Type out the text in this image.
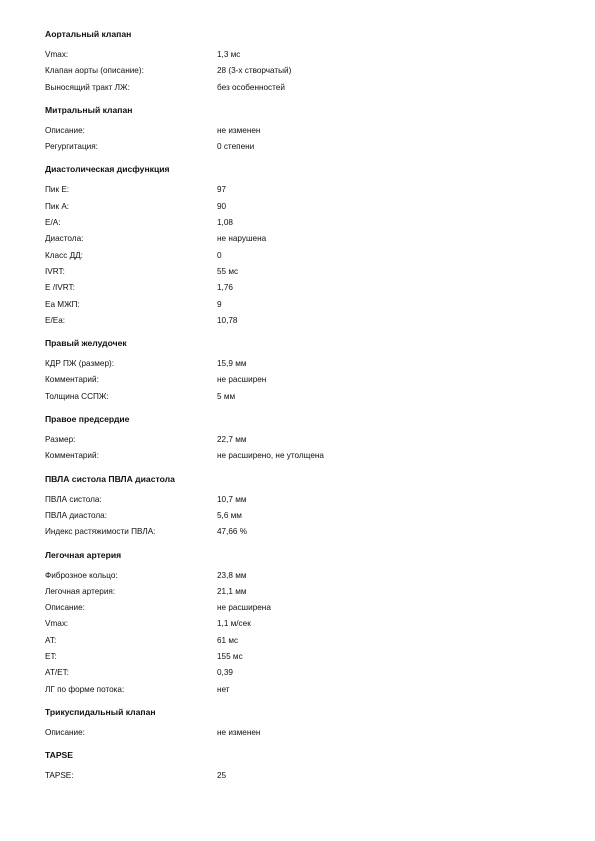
Аортальный клапан
Vmax:	1,3 мс
Клапан аорты (описание):	28 (3-х створчатый)
Выносящий тракт ЛЖ:	без особенностей
Митральный клапан
Описание:	не изменен
Регургитация:	0 степени
Диастолическая дисфункция
Пик Е:	97
Пик А:	90
Е/А:	1,08
Диастола:	не нарушена
Класс ДД:	0
IVRT:	55 мс
E /IVRT:	1,76
Ea МЖП:	9
E/Ea:	10,78
Правый желудочек
КДР ПЖ (размер):	15,9 мм
Комментарий:	не расширен
Толщина ССПЖ:	5 мм
Правое предсердие
Размер:	22,7 мм
Комментарий:	не расширено, не утолщена
ПВЛА систола ПВЛА диастола
ПВЛА систола:	10,7 мм
ПВЛА диастола:	5,6 мм
Индекс растяжимости ПВЛА:	47,66 %
Легочная артерия
Фиброзное кольцо:	23,8 мм
Легочная артерия:	21,1 мм
Описание:	не расширена
Vmax:	1,1 м/сек
AT:	61 мс
ET:	155 мс
AT/ET:	0,39
ЛГ по форме потока:	нет
Трикуспидальный клапан
Описание:	не изменен
TAPSE
TAPSE:	25
